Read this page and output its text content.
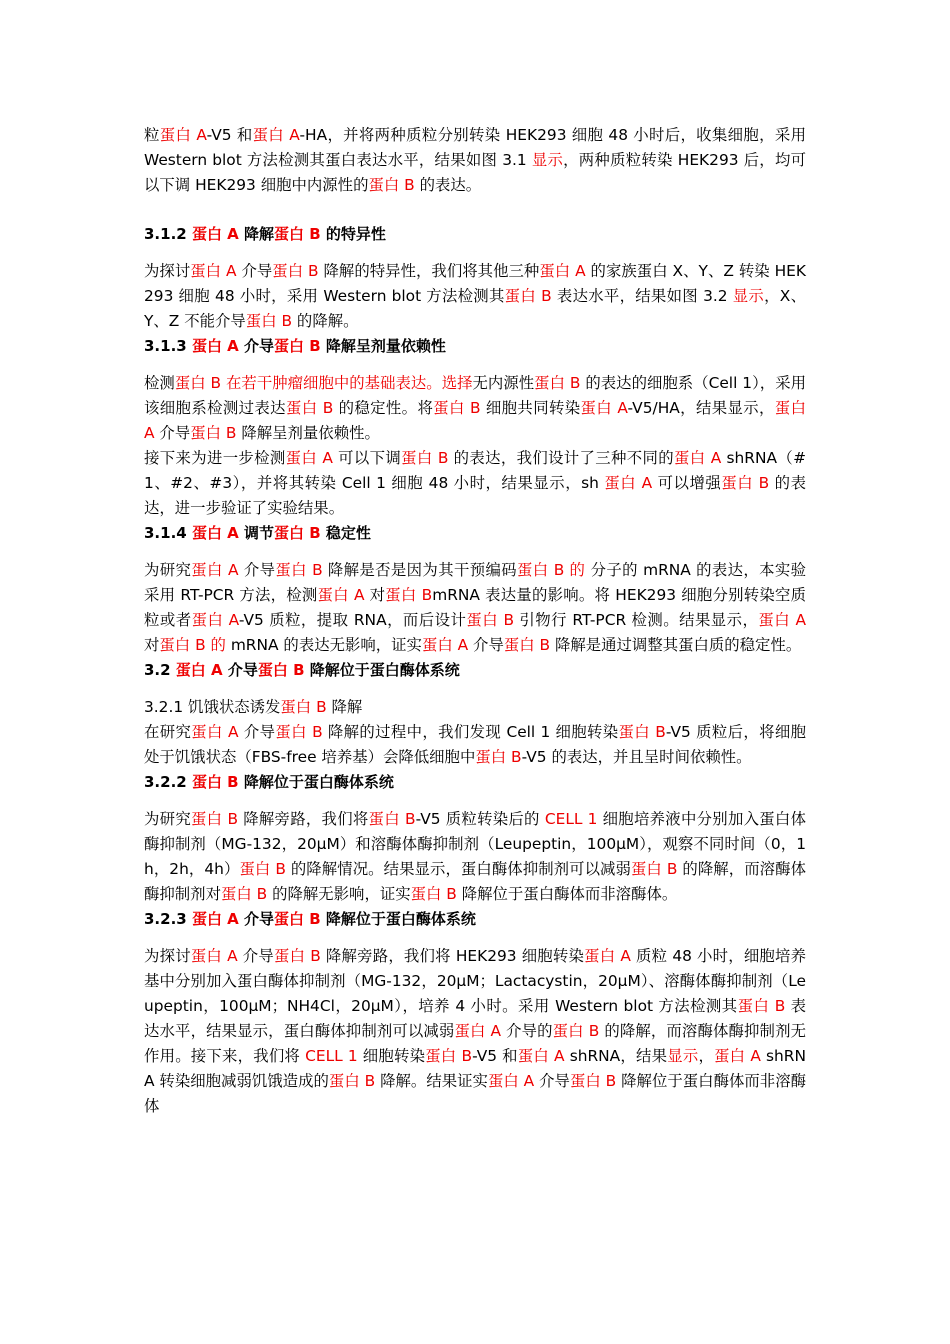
粒蛋白 A-V5 和蛋白 A-HA，并将两种质粒分别转染 HEK293 细胞 48 小时后，收集细胞，采用 Western blot 方法检测其蛋白表达水平，结果如图 3.1 显示，两种质粒转染 HEK293 后，均可以下调 HEK293 细胞中内源性的蛋白 B 的表达。

3.1.2 蛋白 A 降解蛋白 B 的特异性

为探讨蛋白 A 介导蛋白 B 降解的特异性，我们将其他三种蛋白 A 的家族蛋白 X、Y、Z 转染 HEK293 细胞 48 小时，采用 Western blot 方法检测其蛋白 B 表达水平，结果如图 3.2 显示，X、Y、Z 不能介导蛋白 B 的降解。

3.1.3 蛋白 A 介导蛋白 B 降解呈剂量依赖性

检测蛋白 B 在若干肿瘤细胞中的基础表达。选择无内源性蛋白 B 的表达的细胞系（Cell 1），采用该细胞系检测过表达蛋白 B 的稳定性。将蛋白 B 细胞共同转染蛋白 A-V5/HA，结果显示，蛋白 A 介导蛋白 B 降解呈剂量依赖性。

接下来为进一步检测蛋白 A 可以下调蛋白 B 的表达，我们设计了三种不同的蛋白 A shRNA（#1、#2、#3），并将其转染 Cell 1 细胞 48 小时，结果显示，sh 蛋白 A 可以增强蛋白 B 的表达，进一步验证了实验结果。

3.1.4 蛋白 A 调节蛋白 B 稳定性

为研究蛋白 A 介导蛋白 B 降解是否是因为其干预编码蛋白 B 的 分子的 mRNA 的表达，本实验采用 RT-PCR 方法，检测蛋白 A 对蛋白 BmRNA 表达量的影响。将 HEK293 细胞分别转染空质粒或者蛋白 A-V5 质粒，提取 RNA，而后设计蛋白 B 引物行 RT-PCR 检测。结果显示，蛋白 A 对蛋白 B 的 mRNA 的表达无影响，证实蛋白 A 介导蛋白 B 降解是通过调整其蛋白质的稳定性。

3.2 蛋白 A 介导蛋白 B 降解位于蛋白酶体系统

3.2.1 饥饿状态诱发蛋白 B 降解

在研究蛋白 A 介导蛋白 B 降解的过程中，我们发现 Cell 1 细胞转染蛋白 B-V5 质粒后，将细胞处于饥饿状态（FBS-free 培养基）会降低细胞中蛋白 B-V5 的表达，并且呈时间依赖性。

3.2.2 蛋白 B 降解位于蛋白酶体系统

为研究蛋白 B 降解旁路，我们将蛋白 B-V5 质粒转染后的 CELL 1 细胞培养液中分别加入蛋白体酶抑制剂（MG-132，20μM）和溶酶体酶抑制剂（Leupeptin，100μM），观察不同时间（0，1h，2h，4h）蛋白 B 的降解情况。结果显示，蛋白酶体抑制剂可以减弱蛋白 B 的降解，而溶酶体酶抑制剂对蛋白 B 的降解无影响，证实蛋白 B 降解位于蛋白酶体而非溶酶体。

3.2.3 蛋白 A 介导蛋白 B 降解位于蛋白酶体系统

为探讨蛋白 A 介导蛋白 B 降解旁路，我们将 HEK293 细胞转染蛋白 A 质粒 48 小时，细胞培养基中分别加入蛋白酶体抑制剂（MG-132，20μM；Lactacystin，20μM）、溶酶体酶抑制剂（Leupeptin，100μM；NH4Cl，20μM），培养 4 小时。采用 Western blot 方法检测其蛋白 B 表达水平，结果显示，蛋白酶体抑制剂可以减弱蛋白 A 介导的蛋白 B 的降解，而溶酶体酶抑制剂无作用。接下来，我们将 CELL 1 细胞转染蛋白 B-V5 和蛋白 A shRNA，结果显示，蛋白 A shRNA 转染细胞减弱饥饿造成的蛋白 B 降解。结果证实蛋白 A 介导蛋白 B 降解位于蛋白酶体而非溶酶体
